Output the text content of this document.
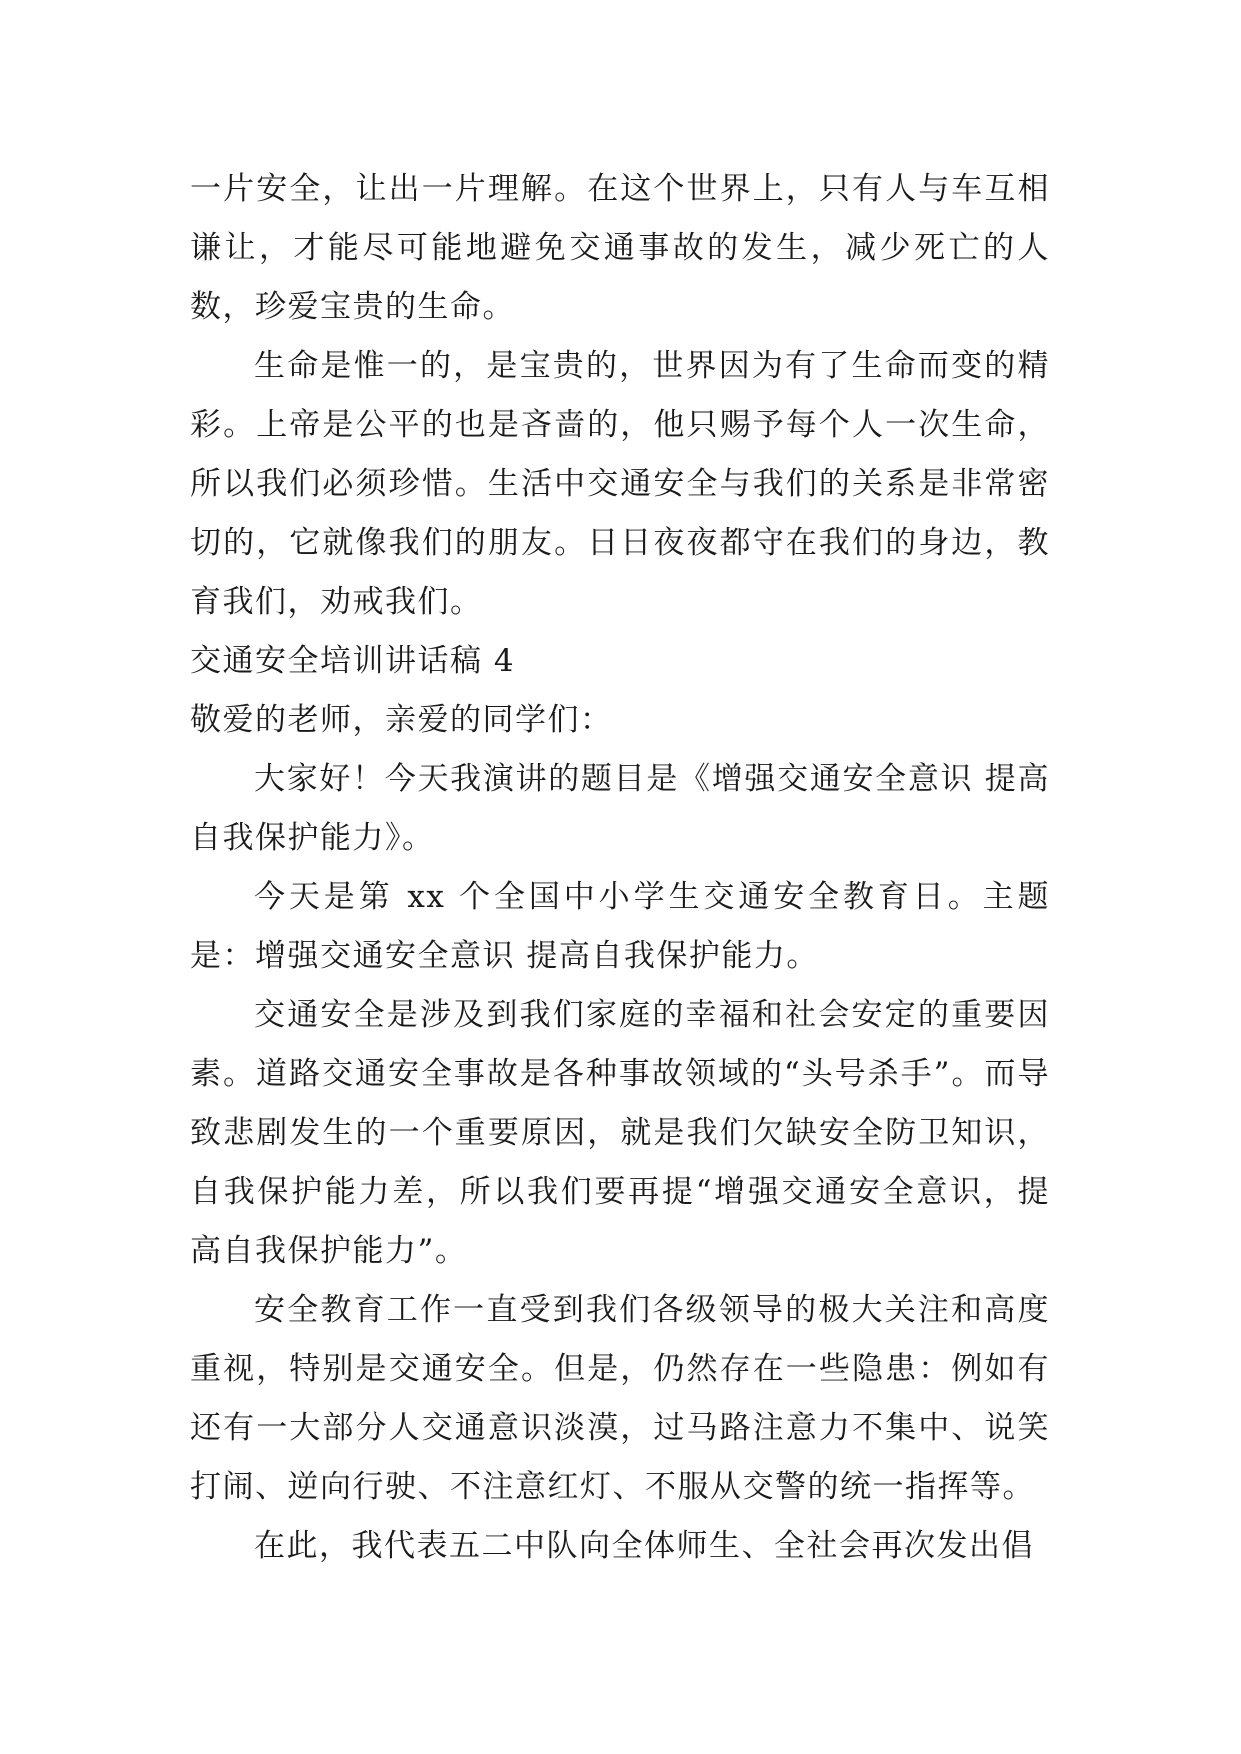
一片安全，让出一片理解。在这个世界上，只有人与车互相谦让，才能尽可能地避免交通事故的发生，减少死亡的人数，珍爱宝贵的生命。

生命是惟一的，是宝贵的，世界因为有了生命而变的精彩。上帝是公平的也是吝啬的，他只赐予每个人一次生命，所以我们必须珍惜。生活中交通安全与我们的关系是非常密切的，它就像我们的朋友。日日夜夜都守在我们的身边，教育我们，劝戒我们。

交通安全培训讲话稿 4

敬爱的老师，亲爱的同学们：

大家好！今天我演讲的题目是《增强交通安全意识 提高自我保护能力》。

今天是第 xx 个全国中小学生交通安全教育日。主题是：增强交通安全意识 提高自我保护能力。

交通安全是涉及到我们家庭的幸福和社会安定的重要因素。道路交通安全事故是各种事故领域的“头号杀手”。而导致悲剧发生的一个重要原因，就是我们欠缺安全防卫知识，自我保护能力差，所以我们要再提“增强交通安全意识，提高自我保护能力”。

安全教育工作一直受到我们各级领导的极大关注和高度重视，特别是交通安全。但是，仍然存在一些隐患：例如有还有一大部分人交通意识淡漠，过马路注意力不集中、说笑打闹、逆向行驶、不注意红灯、不服从交警的统一指挥等。

在此，我代表五二中队向全体师生、全社会再次发出倡
